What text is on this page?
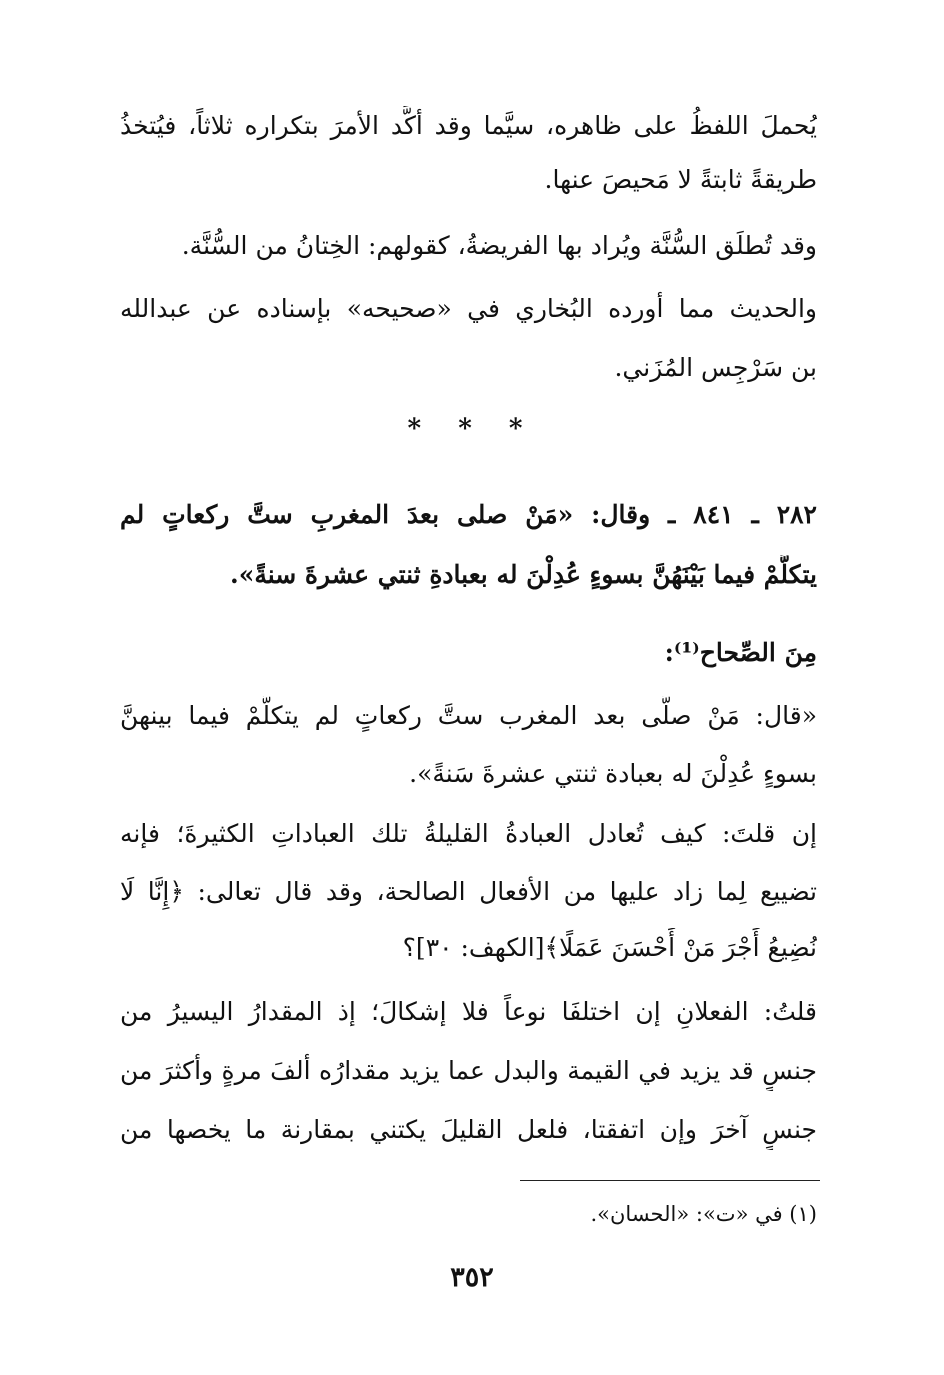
يُحملَ اللفظُ على ظاهره، سيَّما وقد أكَّد الأمرَ بتكراره ثلاثاً، فيُتخذُ
طريقةً ثابتةً لا مَحيصَ عنها.
وقد تُطلَق السُّنَّة ويُراد بها الفريضةُ، كقولهم: الخِتانُ من السُّنَّة.
والحديث مما أورده البُخاري في «صحيحه» بإسناده عن عبدالله
بن سَرْجِس المُزَني.
* * *
٢٨٢ ـ ٨٤١ ـ وقال: «مَنْ صلى بعدَ المغربِ ستَّ ركعاتٍ لم
يتكلَّمْ فيما بَيْنَهُنَّ بسوءٍ عُدِلْنَ له بعبادةِ ثنتي عشرةَ سنةً».
مِنَ الصِّحاح⁽¹⁾:
«قال: مَنْ صلَّى بعد المغرب ستَّ ركعاتٍ لم يتكلَّمْ فيما بينهنَّ
بسوءٍ عُدِلْنَ له بعبادة ثنتي عشرةَ سَنةً».
إن قلتَ: كيف تُعادل العبادةُ القليلةُ تلك العباداتِ الكثيرةَ؛ فإنه
تضييع لِما زاد عليها من الأفعال الصالحة، وقد قال تعالى: ﴿إِنَّا لَا
نُضِيعُ أَجْرَ مَنْ أَحْسَنَ عَمَلًا﴾[الكهف: ٣٠]؟
قلتُ: الفعلانِ إن اختلفَا نوعاً فلا إشكالَ؛ إذ المقدارُ اليسيرُ من
جنسٍ قد يزيد في القيمة والبدل عما يزيد مقدارُه ألفَ مرةٍ وأكثرَ من
جنسٍ آخرَ وإن اتفقتا، فلعل القليلَ يكتني بمقارنة ما يخصها من
(١) في «ت»: «الحسان».
٣٥٢
